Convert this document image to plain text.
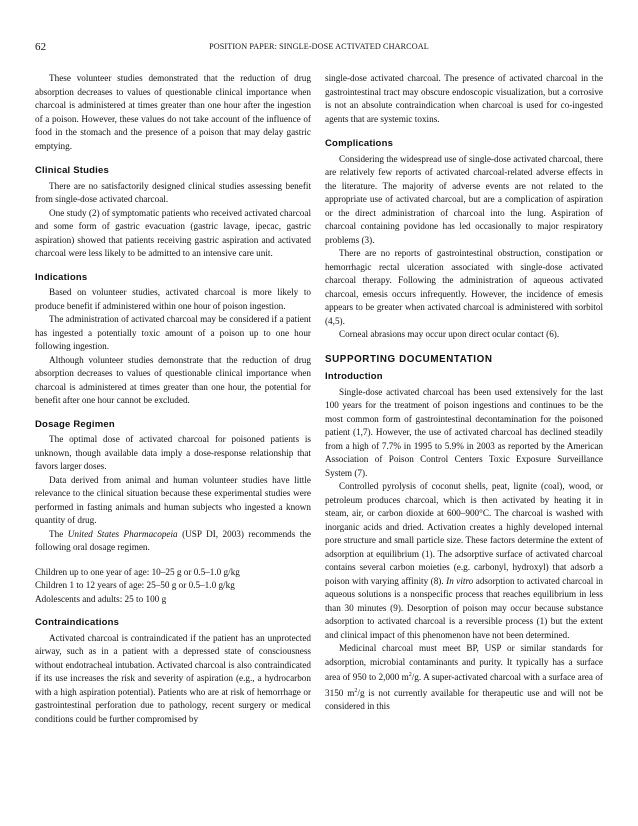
62	POSITION PAPER: SINGLE-DOSE ACTIVATED CHARCOAL

These volunteer studies demonstrated that the reduction of drug absorption decreases to values of questionable clinical importance when charcoal is administered at times greater than one hour after the ingestion of a poison. However, these values do not take account of the influence of food in the stomach and the presence of a poison that may delay gastric emptying.

Clinical Studies

There are no satisfactorily designed clinical studies assessing benefit from single-dose activated charcoal.

One study (2) of symptomatic patients who received activated charcoal and some form of gastric evacuation (gastric lavage, ipecac, gastric aspiration) showed that patients receiving gastric aspiration and activated charcoal were less likely to be admitted to an intensive care unit.

Indications

Based on volunteer studies, activated charcoal is more likely to produce benefit if administered within one hour of poison ingestion.

The administration of activated charcoal may be considered if a patient has ingested a potentially toxic amount of a poison up to one hour following ingestion.

Although volunteer studies demonstrate that the reduction of drug absorption decreases to values of questionable clinical importance when charcoal is administered at times greater than one hour, the potential for benefit after one hour cannot be excluded.

Dosage Regimen

The optimal dose of activated charcoal for poisoned patients is unknown, though available data imply a dose-response relationship that favors larger doses.

Data derived from animal and human volunteer studies have little relevance to the clinical situation because these experimental studies were performed in fasting animals and human subjects who ingested a known quantity of drug.

The United States Pharmacopeia (USP DI, 2003) recommends the following oral dosage regimen.

Children up to one year of age: 10–25 g or 0.5–1.0 g/kg
Children 1 to 12 years of age: 25–50 g or 0.5–1.0 g/kg
Adolescents and adults: 25 to 100 g
Contraindications

Activated charcoal is contraindicated if the patient has an unprotected airway, such as in a patient with a depressed state of consciousness without endotracheal intubation. Activated charcoal is also contraindicated if its use increases the risk and severity of aspiration (e.g., a hydrocarbon with a high aspiration potential). Patients who are at risk of hemorrhage or gastrointestinal perforation due to pathology, recent surgery or medical conditions could be further compromised by

single-dose activated charcoal. The presence of activated charcoal in the gastrointestinal tract may obscure endoscopic visualization, but a corrosive is not an absolute contraindication when charcoal is used for co-ingested agents that are systemic toxins.

Complications

Considering the widespread use of single-dose activated charcoal, there are relatively few reports of activated charcoal-related adverse effects in the literature. The majority of adverse events are not related to the appropriate use of activated charcoal, but are a complication of aspiration or the direct administration of charcoal into the lung. Aspiration of charcoal containing povidone has led occasionally to major respiratory problems (3).

There are no reports of gastrointestinal obstruction, constipation or hemorrhagic rectal ulceration associated with single-dose activated charcoal therapy. Following the administration of aqueous activated charcoal, emesis occurs infrequently. However, the incidence of emesis appears to be greater when activated charcoal is administered with sorbitol (4,5).

Corneal abrasions may occur upon direct ocular contact (6).

SUPPORTING DOCUMENTATION
Introduction

Single-dose activated charcoal has been used extensively for the last 100 years for the treatment of poison ingestions and continues to be the most common form of gastrointestinal decontamination for the poisoned patient (1,7). However, the use of activated charcoal has declined steadily from a high of 7.7% in 1995 to 5.9% in 2003 as reported by the American Association of Poison Control Centers Toxic Exposure Surveillance System (7).

Controlled pyrolysis of coconut shells, peat, lignite (coal), wood, or petroleum produces charcoal, which is then activated by heating it in steam, air, or carbon dioxide at 600–900°C. The charcoal is washed with inorganic acids and dried. Activation creates a highly developed internal pore structure and small particle size. These factors determine the extent of adsorption at equilibrium (1). The adsorptive surface of activated charcoal contains several carbon moieties (e.g. carbonyl, hydroxyl) that adsorb a poison with varying affinity (8). In vitro adsorption to activated charcoal in aqueous solutions is a nonspecific process that reaches equilibrium in less than 30 minutes (9). Desorption of poison may occur because substance adsorption to activated charcoal is a reversible process (1) but the extent and clinical impact of this phenomenon have not been determined.

Medicinal charcoal must meet BP, USP or similar standards for adsorption, microbial contaminants and purity. It typically has a surface area of 950 to 2,000 $m^2/g$. A super-activated charcoal with a surface area of 3150 $m^2/g$ is not currently available for therapeutic use and will not be considered in this
